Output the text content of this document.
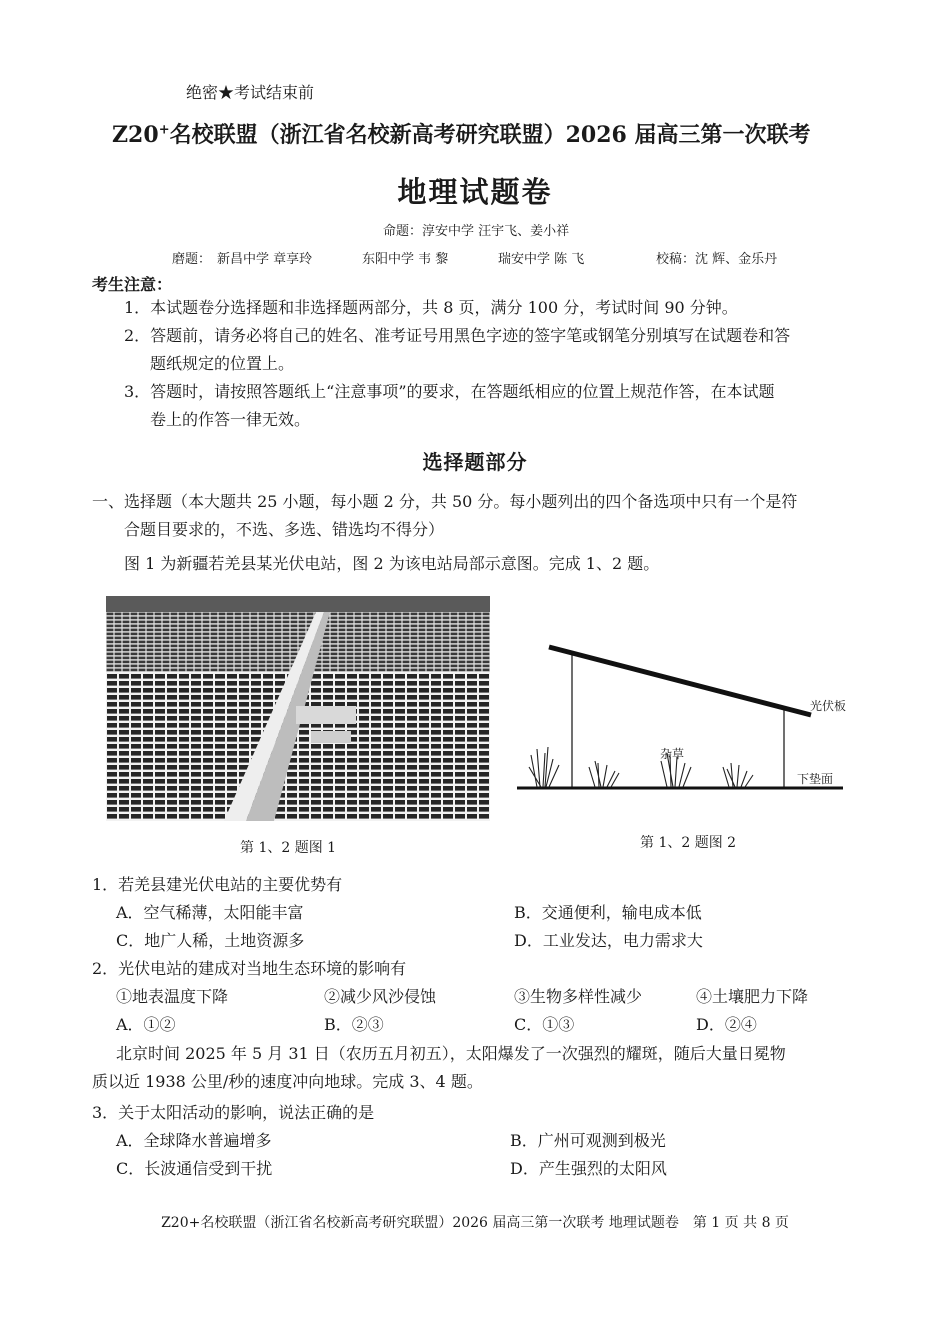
绝密★考试结束前
Z20+名校联盟（浙江省名校新高考研究联盟）2026 届高三第一次联考
地理试题卷
命题：淳安中学 汪宇飞、姜小祥
磨题： 新昌中学 章享玲	东阳中学 韦 黎	瑞安中学 陈 飞	校稿：沈 辉、金乐丹
考生注意：
1．本试题卷分选择题和非选择题两部分，共 8 页，满分 100 分，考试时间 90 分钟。
2．答题前，请务必将自己的姓名、准考证号用黑色字迹的签字笔或钢笔分别填写在试题卷和答
题纸规定的位置上。
3．答题时，请按照答题纸上“注意事项”的要求，在答题纸相应的位置上规范作答，在本试题
卷上的作答一律无效。
选择题部分
一、选择题（本大题共 25 小题，每小题 2 分，共 50 分。每小题列出的四个备选项中只有一个是符
合题目要求的，不选、多选、错选均不得分）
图 1 为新疆若羌县某光伏电站，图 2 为该电站局部示意图。完成 1、2 题。
光伏板
杂草
下垫面
第 1、2 题图 1	第 1、2 题图 2
1．若羌县建光伏电站的主要优势有
A．空气稀薄，太阳能丰富	B．交通便利，输电成本低
C．地广人稀，土地资源多	D．工业发达，电力需求大
2．光伏电站的建成对当地生态环境的影响有
①地表温度下降	②减少风沙侵蚀	③生物多样性减少	④土壤肥力下降
A．①②	B．②③	C．①③	D．②④
北京时间 2025 年 5 月 31 日（农历五月初五），太阳爆发了一次强烈的耀斑，随后大量日冕物
质以近 1938 公里/秒的速度冲向地球。完成 3、4 题。
3．关于太阳活动的影响，说法正确的是
A．全球降水普遍增多	B．广州可观测到极光
C．长波通信受到干扰	D．产生强烈的太阳风
Z20+名校联盟（浙江省名校新高考研究联盟）2026 届高三第一次联考 地理试题卷　第 1 页 共 8 页
